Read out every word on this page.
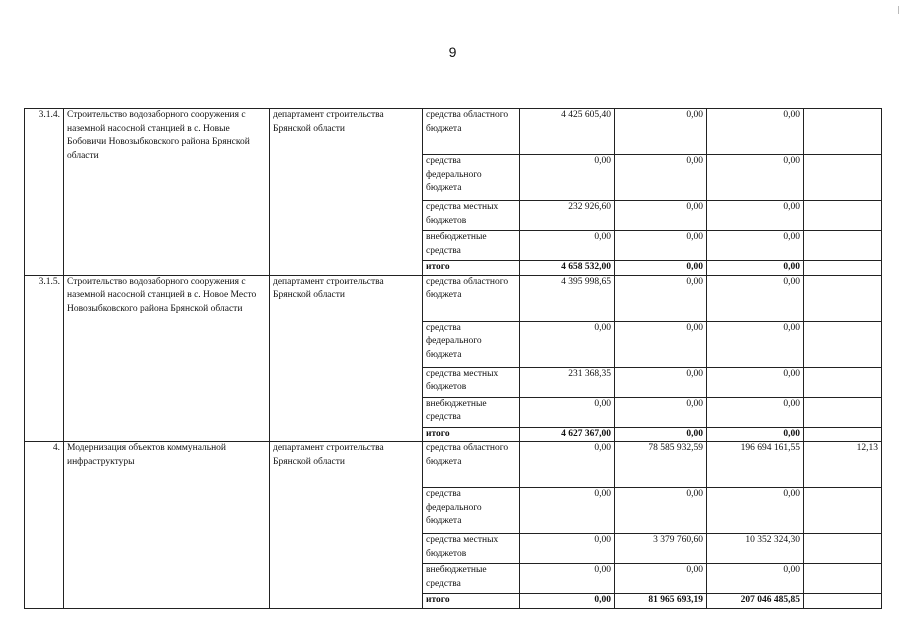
9
3.1.4.	Строительство водозаборного сооружения с наземной насосной станцией в с. Новые Бобовичи Новозыбковского района Брянской области	департамент строительства Брянской области	средства областного бюджета	4 425 605,40	0,00	0,00	
			средства федерального бюджета	0,00	0,00	0,00	
			средства местных бюджетов	232 926,60	0,00	0,00	
			внебюджетные средства	0,00	0,00	0,00	
			итого	4 658 532,00	0,00	0,00	
3.1.5.	Строительство водозаборного сооружения с наземной насосной станцией в с. Новое Место Новозыбковского района Брянской области	департамент строительства Брянской области	средства областного бюджета	4 395 998,65	0,00	0,00	
			средства федерального бюджета	0,00	0,00	0,00	
			средства местных бюджетов	231 368,35	0,00	0,00	
			внебюджетные средства	0,00	0,00	0,00	
			итого	4 627 367,00	0,00	0,00	
4.	Модернизация объектов коммунальной инфраструктуры	департамент строительства Брянской области	средства областного бюджета	0,00	78 585 932,59	196 694 161,55	12,13
			средства федерального бюджета	0,00	0,00	0,00	
			средства местных бюджетов	0,00	3 379 760,60	10 352 324,30	
			внебюджетные средства	0,00	0,00	0,00	
			итого	0,00	81 965 693,19	207 046 485,85	
